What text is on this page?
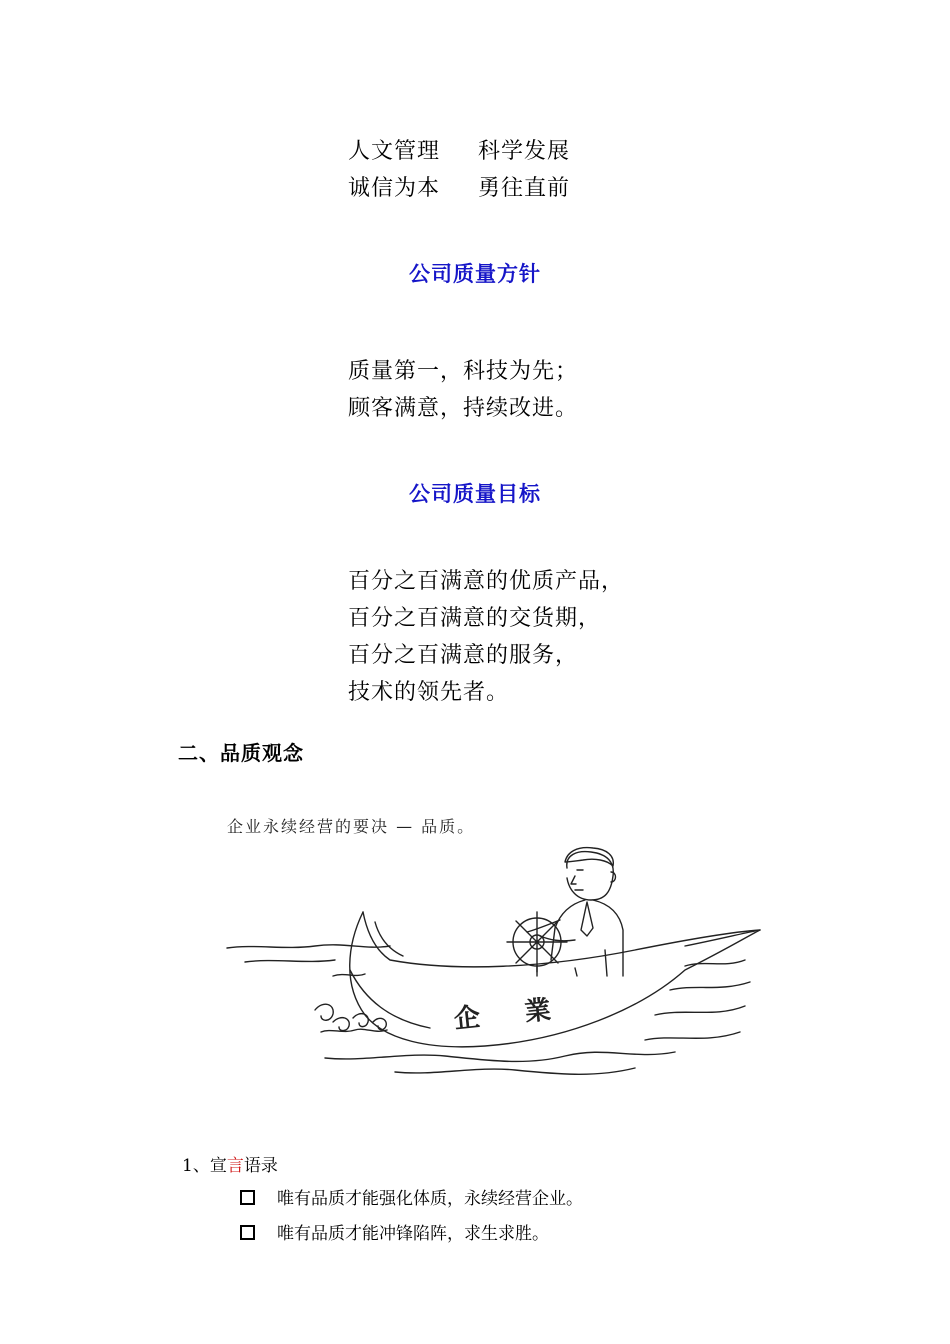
人文管理 科学发展
诚信为本 勇往直前
公司质量方针
质量第一，科技为先；
顾客满意，持续改进。
公司质量目标
百分之百满意的优质产品，
百分之百满意的交货期，
百分之百满意的服务，
技术的领先者。
二、品质观念
企业永续经营的要决 — 品质。
企 業
1、宣言语录
唯有品质才能强化体质，永续经营企业。
唯有品质才能冲锋陷阵，求生求胜。
